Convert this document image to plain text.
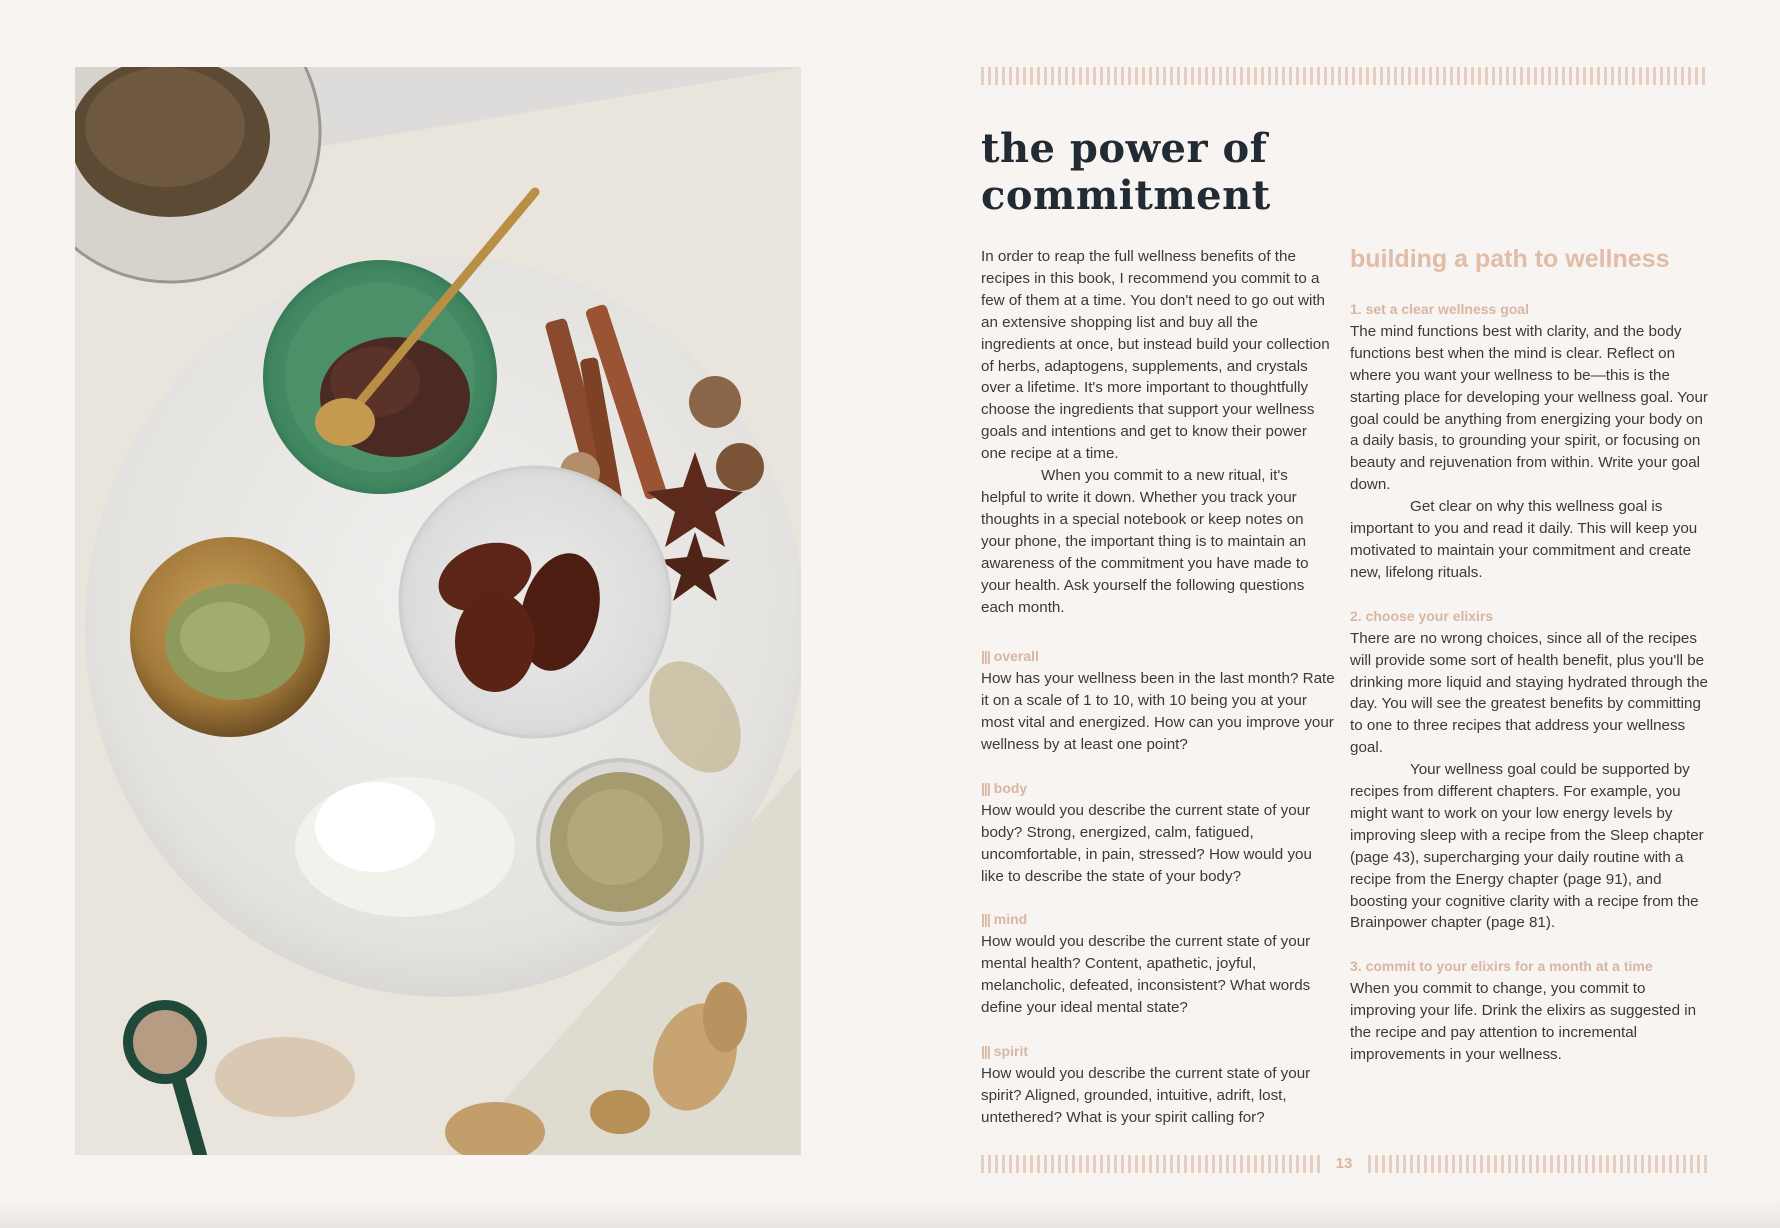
the power of
commitment

In order to reap the full wellness benefits of the recipes in this book, I recommend you commit to a few of them at a time. You don't need to go out with an extensive shopping list and buy all the ingredients at once, but instead build your collection of herbs, adaptogens, supplements, and crystals over a lifetime. It's more important to thoughtfully choose the ingredients that support your wellness goals and intentions and get to know their power one recipe at a time.

When you commit to a new ritual, it's helpful to write it down. Whether you track your thoughts in a special notebook or keep notes on your phone, the important thing is to maintain an awareness of the commitment you have made to your health. Ask yourself the following questions each month.

||| overall

How has your wellness been in the last month? Rate it on a scale of 1 to 10, with 10 being you at your most vital and energized. How can you improve your wellness by at least one point?

||| body

How would you describe the current state of your body? Strong, energized, calm, fatigued, uncomfortable, in pain, stressed? How would you like to describe the state of your body?

||| mind

How would you describe the current state of your mental health? Content, apathetic, joyful, melancholic, defeated, inconsistent? What words define your ideal mental state?

||| spirit

How would you describe the current state of your spirit? Aligned, grounded, intuitive, adrift, lost, untethered? What is your spirit calling for?

building a path to wellness

1. set a clear wellness goal

The mind functions best with clarity, and the body functions best when the mind is clear. Reflect on where you want your wellness to be—this is the starting place for developing your wellness goal. Your goal could be anything from energizing your body on a daily basis, to grounding your spirit, or focusing on beauty and rejuvenation from within. Write your goal down.

Get clear on why this wellness goal is important to you and read it daily. This will keep you motivated to maintain your commitment and create new, lifelong rituals.

2. choose your elixirs

There are no wrong choices, since all of the recipes will provide some sort of health benefit, plus you'll be drinking more liquid and staying hydrated through the day. You will see the greatest benefits by committing to one to three recipes that address your wellness goal.

Your wellness goal could be supported by recipes from different chapters. For example, you might want to work on your low energy levels by improving sleep with a recipe from the Sleep chapter (page 43), supercharging your daily routine with a recipe from the Energy chapter (page 91), and boosting your cognitive clarity with a recipe from the Brainpower chapter (page 81).

3. commit to your elixirs for a month at a time

When you commit to change, you commit to improving your life. Drink the elixirs as suggested in the recipe and pay attention to incremental improvements in your wellness.

13
